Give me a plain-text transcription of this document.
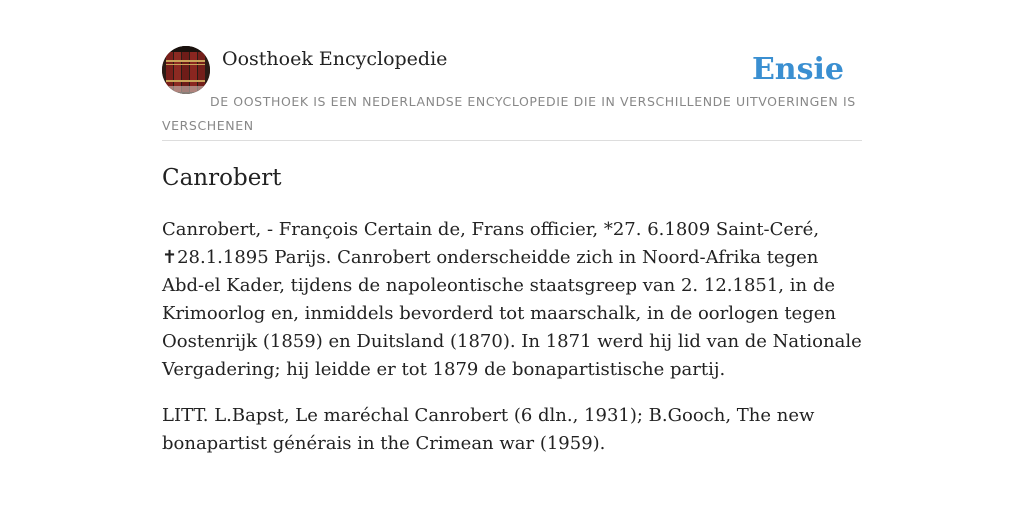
Oosthoek Encyclopedie	Ensie
DE OOSTHOEK IS EEN NEDERLANDSE ENCYCLOPEDIE DIE IN VERSCHILLENDE UITVOERINGEN IS VERSCHENEN
Canrobert

Canrobert, - François Certain de, Frans officier, *27. 6.1809 Saint-Ceré, ✝28.1.1895 Parijs. Canrobert onderscheidde zich in Noord-Afrika tegen Abd-el Kader, tijdens de napoleontische staatsgreep van 2. 12.1851, in de Krimoorlog en, inmiddels bevorderd tot maarschalk, in de oorlogen tegen Oostenrijk (1859) en Duitsland (1870). In 1871 werd hij lid van de Nationale Vergadering; hij leidde er tot 1879 de bonapartistische partij.

LITT. L.Bapst, Le maréchal Canrobert (6 dln., 1931); B.Gooch, The new bonapartist générais in the Crimean war (1959).
